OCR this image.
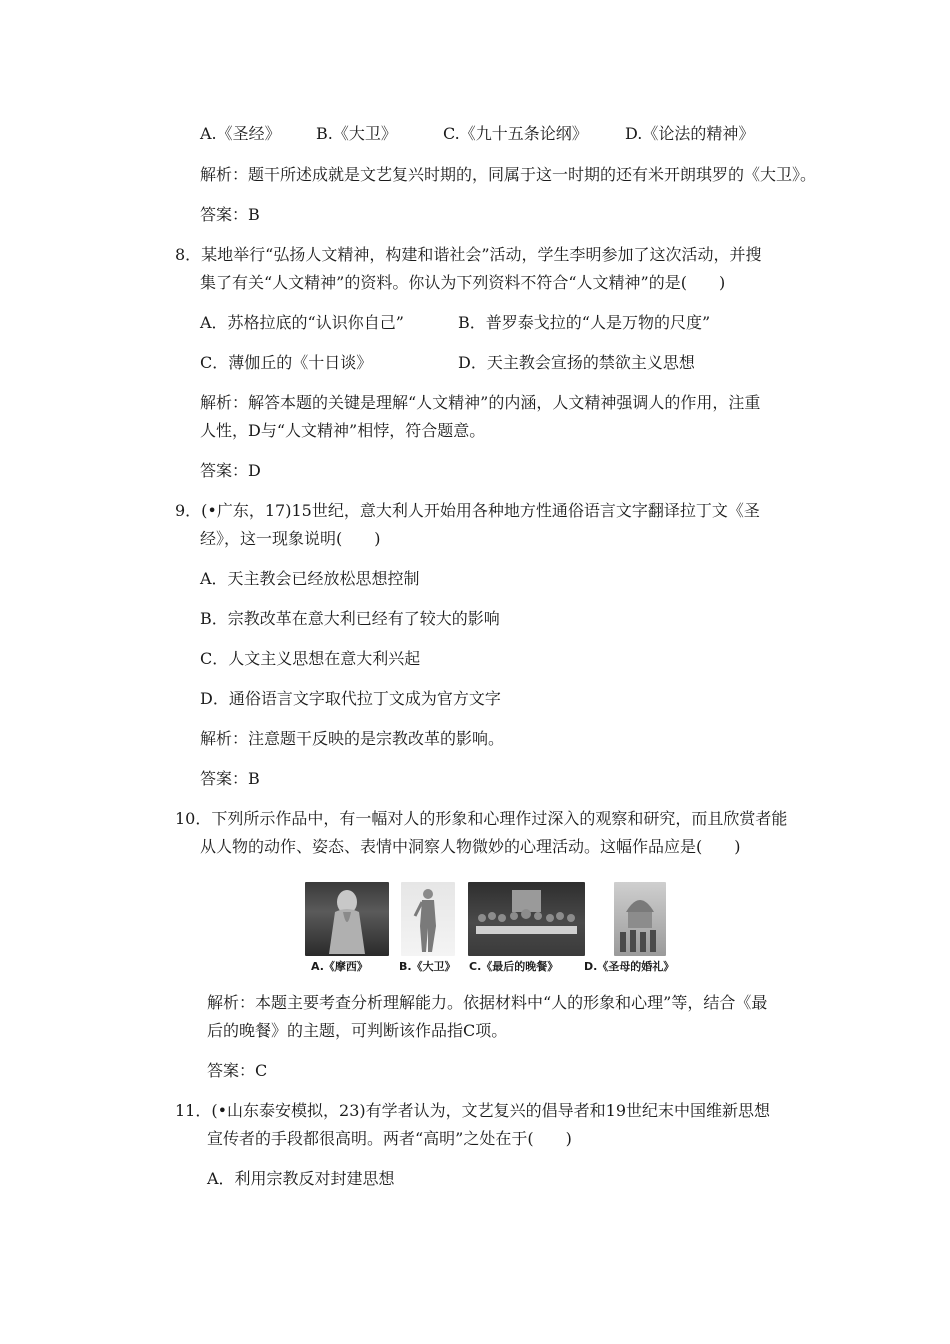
A.《圣经》 B.《大卫》	C.《九十五条论纲》 D.《论法的精神》
解析：题干所述成就是文艺复兴时期的，同属于这一时期的还有米开朗琪罗的《大卫》。
答案：B
8．某地举行“弘扬人文精神，构建和谐社会”活动，学生李明参加了这次活动，并搜
集了有关“人文精神”的资料。你认为下列资料不符合“人文精神”的是(　　)
A．苏格拉底的“认识你自己”	B．普罗泰戈拉的“人是万物的尺度”
C．薄伽丘的《十日谈》	D．天主教会宣扬的禁欲主义思想
解析：解答本题的关键是理解“人文精神”的内涵，人文精神强调人的作用，注重
人性，D与“人文精神”相悖，符合题意。
答案：D
9．(•广东，17)15世纪，意大利人开始用各种地方性通俗语言文字翻译拉丁文《圣
经》，这一现象说明(　　)
A．天主教会已经放松思想控制
B．宗教改革在意大利已经有了较大的影响
C．人文主义思想在意大利兴起
D．通俗语言文字取代拉丁文成为官方文字
解析：注意题干反映的是宗教改革的影响。
答案：B
10．下列所示作品中，有一幅对人的形象和心理作过深入的观察和研究，而且欣赏者能
从人物的动作、姿态、表情中洞察人物微妙的心理活动。这幅作品应是(　　)
A.《摩西》	B.《大卫》 C.《最后的晚餐》 D.《圣母的婚礼》
解析：本题主要考查分析理解能力。依据材料中“人的形象和心理”等，结合《最
后的晚餐》的主题，可判断该作品指C项。
答案：C
11．(•山东泰安模拟，23)有学者认为，文艺复兴的倡导者和19世纪末中国维新思想
宣传者的手段都很高明。两者“高明”之处在于(　　)
A．利用宗教反对封建思想
